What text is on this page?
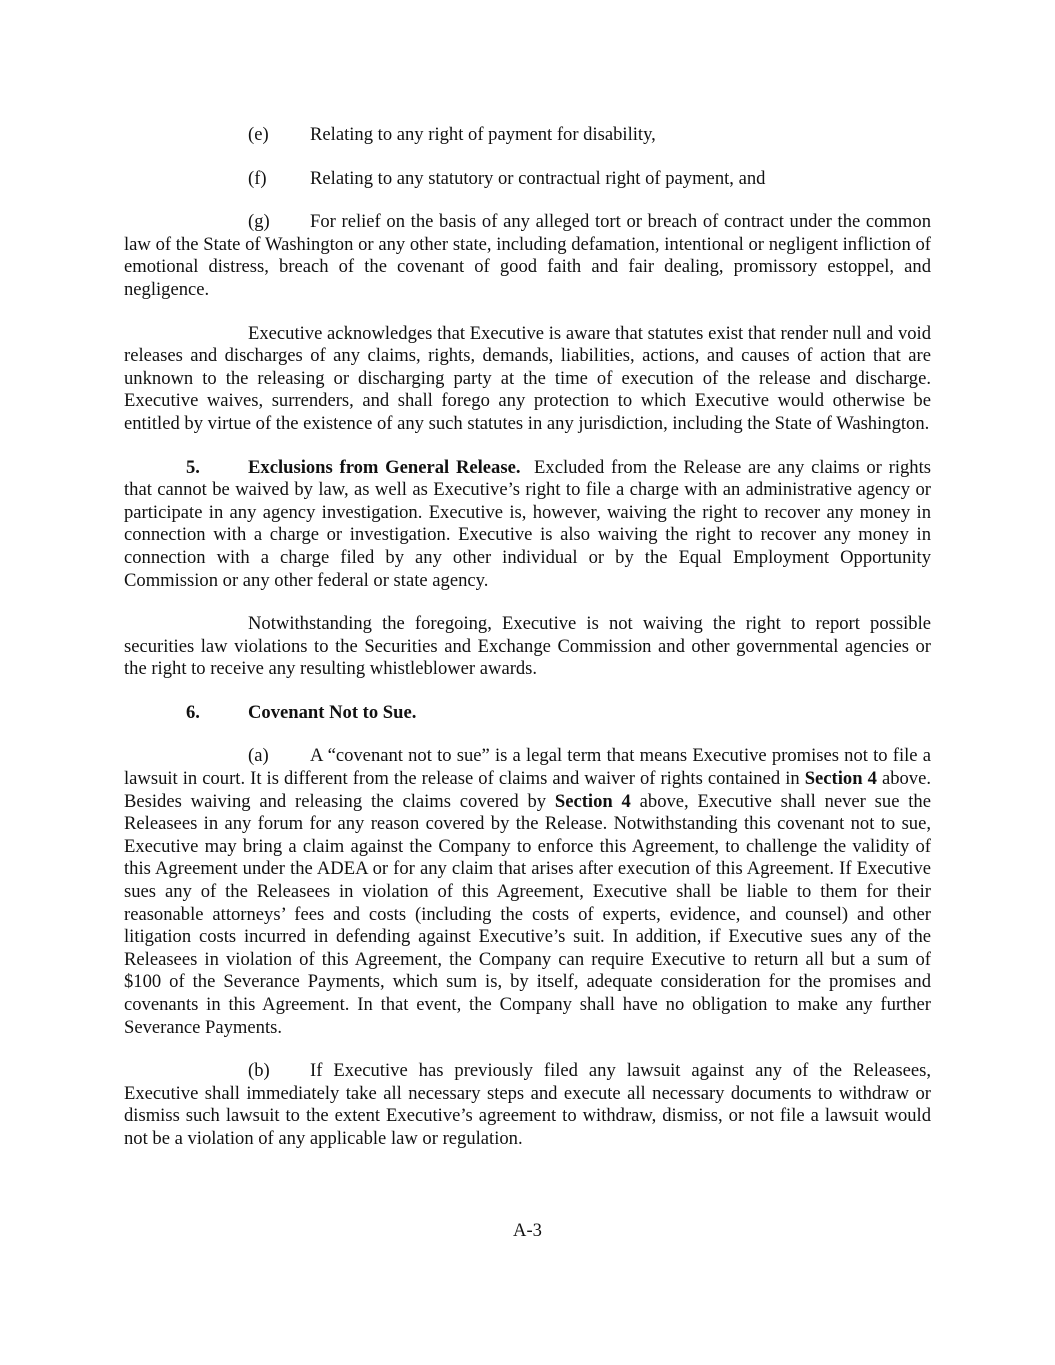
(e)	Relating to any right of payment for disability,
(f)	Relating to any statutory or contractual right of payment, and

(g) For relief on the basis of any alleged tort or breach of contract under the common law of the State of Washington or any other state, including defamation, intentional or negligent infliction of emotional distress, breach of the covenant of good faith and fair dealing, promissory estoppel, and negligence.

Executive acknowledges that Executive is aware that statutes exist that render null and void releases and discharges of any claims, rights, demands, liabilities, actions, and causes of action that are unknown to the releasing or discharging party at the time of execution of the release and discharge. Executive waives, surrenders, and shall forego any protection to which Executive would otherwise be entitled by virtue of the existence of any such statutes in any jurisdiction, including the State of Washington.

5.	Exclusions from General Release. Excluded from the Release are any claims or rights that cannot be waived by law, as well as Executive’s right to file a charge with an administrative agency or participate in any agency investigation. Executive is, however, waiving the right to recover any money in connection with a charge or investigation. Executive is also waiving the right to recover any money in connection with a charge filed by any other individual or by the Equal Employment Opportunity Commission or any other federal or state agency.

Notwithstanding the foregoing, Executive is not waiving the right to report possible securities law violations to the Securities and Exchange Commission and other governmental agencies or the right to receive any resulting whistleblower awards.

6.	Covenant Not to Sue.

(a) A “covenant not to sue” is a legal term that means Executive promises not to file a lawsuit in court. It is different from the release of claims and waiver of rights contained in Section 4 above. Besides waiving and releasing the claims covered by Section 4 above, Executive shall never sue the Releasees in any forum for any reason covered by the Release. Notwithstanding this covenant not to sue, Executive may bring a claim against the Company to enforce this Agreement, to challenge the validity of this Agreement under the ADEA or for any claim that arises after execution of this Agreement. If Executive sues any of the Releasees in violation of this Agreement, Executive shall be liable to them for their reasonable attorneys’ fees and costs (including the costs of experts, evidence, and counsel) and other litigation costs incurred in defending against Executive’s suit. In addition, if Executive sues any of the Releasees in violation of this Agreement, the Company can require Executive to return all but a sum of $100 of the Severance Payments, which sum is, by itself, adequate consideration for the promises and covenants in this Agreement. In that event, the Company shall have no obligation to make any further Severance Payments.

(b) If Executive has previously filed any lawsuit against any of the Releasees, Executive shall immediately take all necessary steps and execute all necessary documents to withdraw or dismiss such lawsuit to the extent Executive’s agreement to withdraw, dismiss, or not file a lawsuit would not be a violation of any applicable law or regulation.

A-3
